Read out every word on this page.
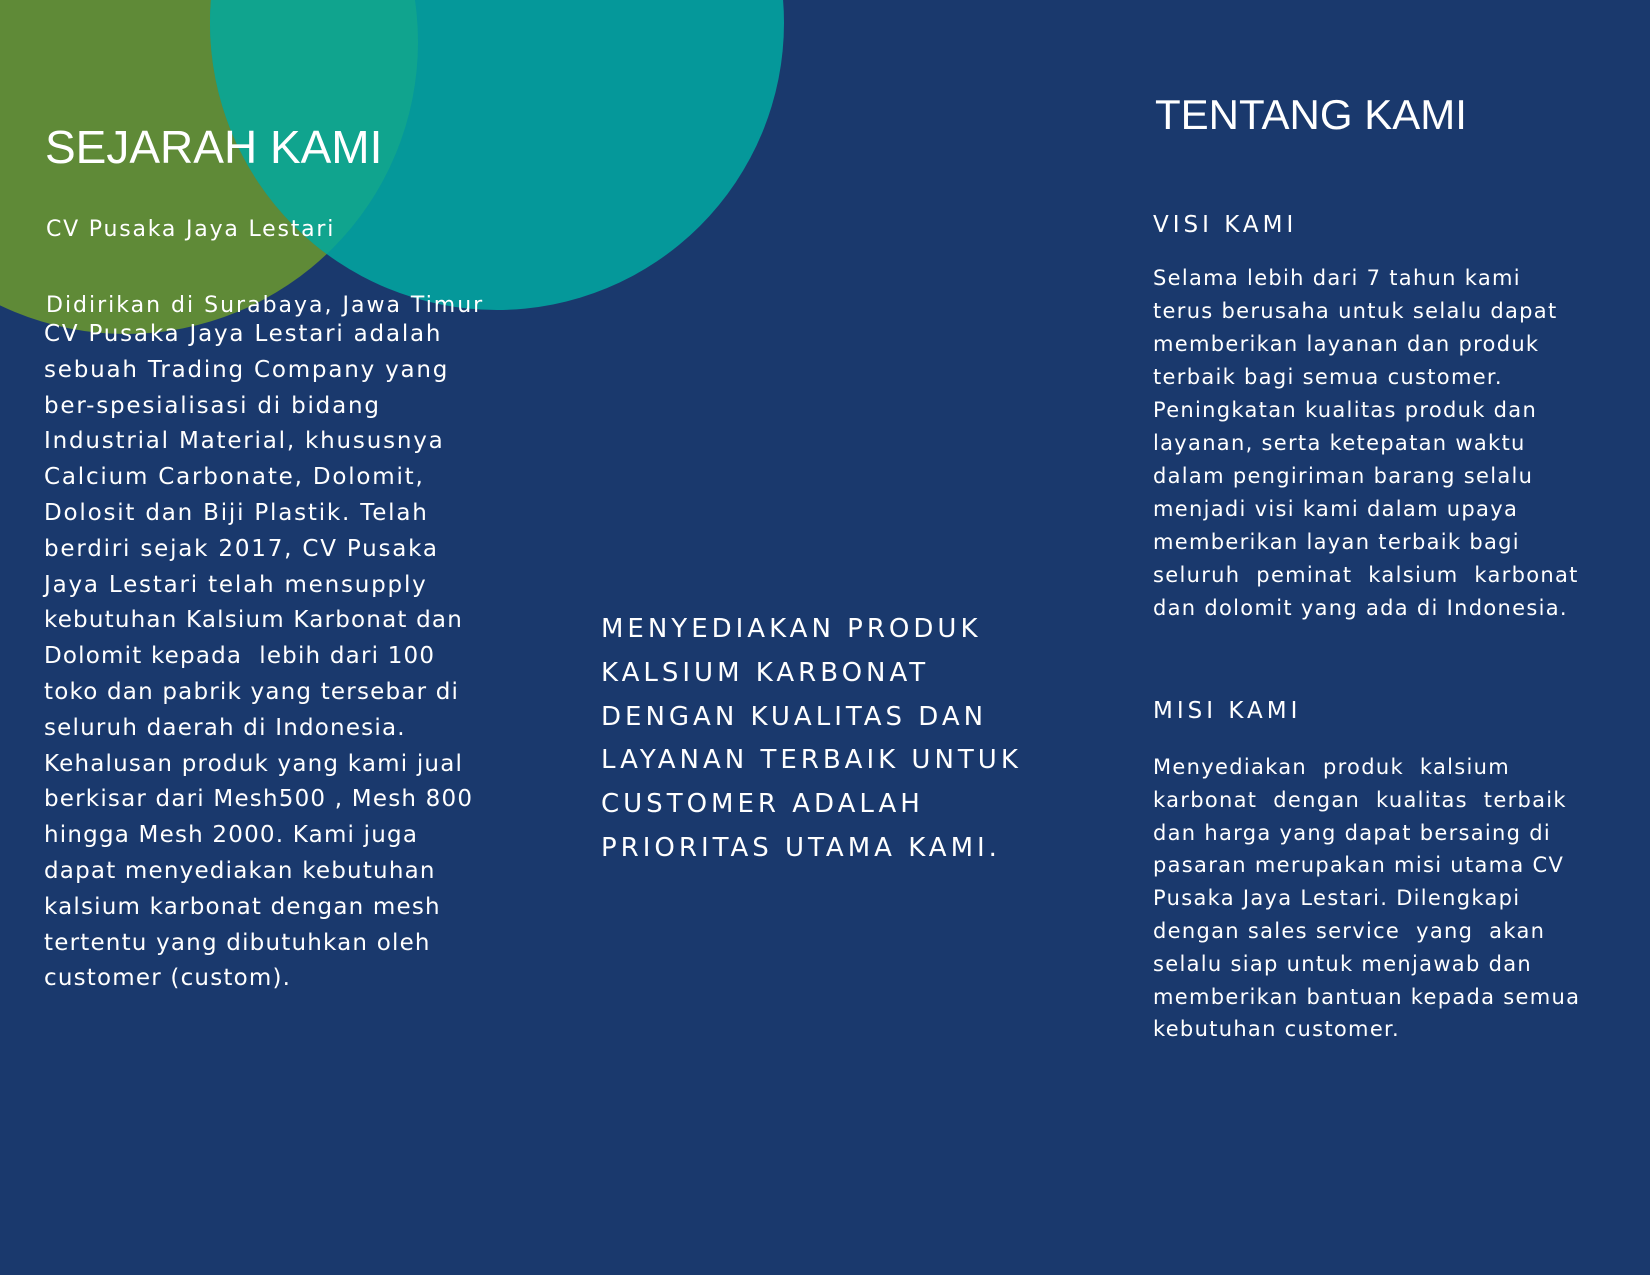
SEJARAH KAMI
CV Pusaka Jaya Lestari
Didirikan di Surabaya, Jawa Timur
CV Pusaka Jaya Lestari adalah
sebuah Trading Company yang
ber-spesialisasi di bidang
Industrial Material, khususnya
Calcium Carbonate, Dolomit,
Dolosit dan Biji Plastik. Telah
berdiri sejak 2017, CV Pusaka
Jaya Lestari telah mensupply
kebutuhan Kalsium Karbonat dan
Dolomit kepada  lebih dari 100
toko dan pabrik yang tersebar di
seluruh daerah di Indonesia.
Kehalusan produk yang kami jual
berkisar dari Mesh500 , Mesh 800
hingga Mesh 2000. Kami juga
dapat menyediakan kebutuhan
kalsium karbonat dengan mesh
tertentu yang dibutuhkan oleh
customer (custom).
MENYEDIAKAN PRODUK
KALSIUM KARBONAT
DENGAN KUALITAS DAN
LAYANAN TERBAIK UNTUK
CUSTOMER ADALAH
PRIORITAS UTAMA KAMI.
TENTANG KAMI
VISI KAMI
Selama lebih dari 7 tahun kami
terus berusaha untuk selalu dapat
memberikan layanan dan produk
terbaik bagi semua customer.
Peningkatan kualitas produk dan
layanan, serta ketepatan waktu
dalam pengiriman barang selalu
menjadi visi kami dalam upaya
memberikan layan terbaik bagi
seluruh  peminat  kalsium  karbonat
dan dolomit yang ada di Indonesia.
MISI KAMI
Menyediakan  produk  kalsium
karbonat  dengan  kualitas  terbaik
dan harga yang dapat bersaing di
pasaran merupakan misi utama CV
Pusaka Jaya Lestari. Dilengkapi
dengan sales service  yang  akan
selalu siap untuk menjawab dan
memberikan bantuan kepada semua
kebutuhan customer.
